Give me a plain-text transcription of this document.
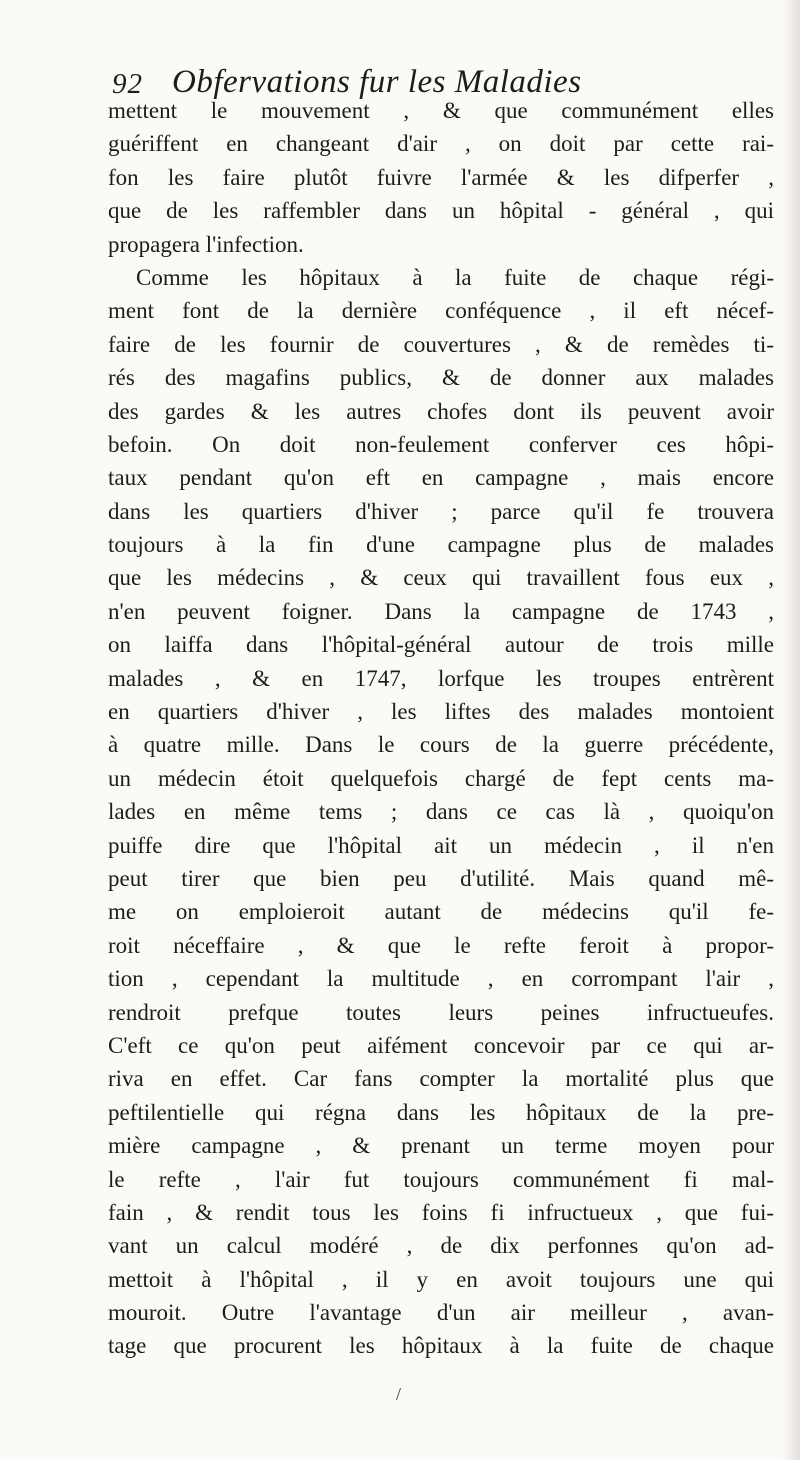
92 Obfervations fur les Maladies
mettent le mouvement , & que communément elles
guériffent en changeant d'air , on doit par cette rai-
fon les faire plutôt fuivre l'armée & les difperfer ,
que de les raffembler dans un hôpital - général , qui
propagera l'infection.
Comme les hôpitaux à la fuite de chaque régi-
ment font de la dernière conféquence , il eft nécef-
faire de les fournir de couvertures , & de remèdes ti-
rés des magafins publics, & de donner aux malades
des gardes & les autres chofes dont ils peuvent avoir
befoin. On doit non-feulement conferver ces hôpi-
taux pendant qu'on eft en campagne , mais encore
dans les quartiers d'hiver ; parce qu'il fe trouvera
toujours à la fin d'une campagne plus de malades
que les médecins , & ceux qui travaillent fous eux ,
n'en peuvent foigner. Dans la campagne de 1743 ,
on laiffa dans l'hôpital-général autour de trois mille
malades , & en 1747, lorfque les troupes entrèrent
en quartiers d'hiver , les liftes des malades montoient
à quatre mille. Dans le cours de la guerre précédente,
un médecin étoit quelquefois chargé de fept cents ma-
lades en même tems ; dans ce cas là , quoiqu'on
puiffe dire que l'hôpital ait un médecin , il n'en
peut tirer que bien peu d'utilité. Mais quand mê-
me on emploieroit autant de médecins qu'il fe-
roit néceffaire , & que le refte feroit à propor-
tion , cependant la multitude , en corrompant l'air ,
rendroit prefque toutes leurs peines infructueufes.
C'eft ce qu'on peut aifément concevoir par ce qui ar-
riva en effet. Car fans compter la mortalité plus que
peftilentielle qui régna dans les hôpitaux de la pre-
mière campagne , & prenant un terme moyen pour
le refte , l'air fut toujours communément fi mal-
fain , & rendit tous les foins fi infructueux , que fui-
vant un calcul modéré , de dix perfonnes qu'on ad-
mettoit à l'hôpital , il y en avoit toujours une qui
mouroit. Outre l'avantage d'un air meilleur , avan-
tage que procurent les hôpitaux à la fuite de chaque
/
